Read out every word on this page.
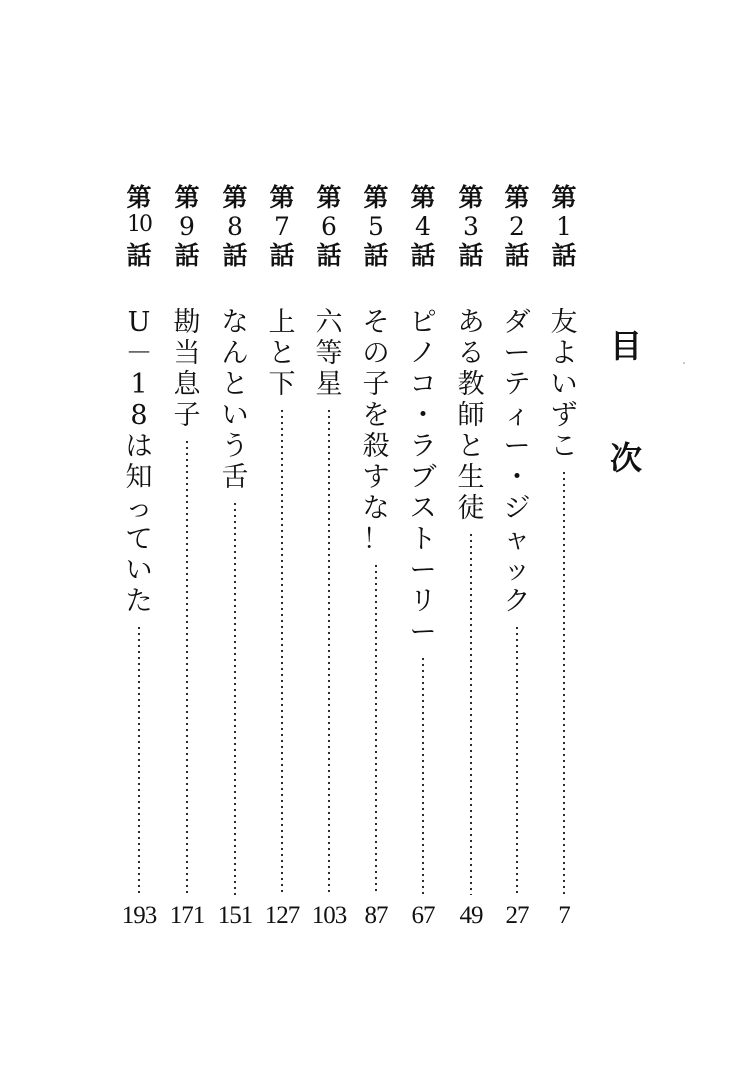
目
次
第
1
話
友
よ
い
ず
こ
7
第
2
話
ダ
ー
テ
ィ
ー
・
ジ
ャ
ッ
ク
27
第
3
話
あ
る
教
師
と
生
徒
49
第
4
話
ピ
ノ
コ
・
ラ
ブ
ス
ト
ー
リ
ー
67
第
5
話
そ
の
子
を
殺
す
な
！
87
第
6
話
六
等
星
103
第
7
話
上
と
下
127
第
8
話
な
ん
と
い
う
舌
151
第
9
話
勘
当
息
子
171
第
10
話
U
－
1
8
は
知
っ
て
い
た
193
